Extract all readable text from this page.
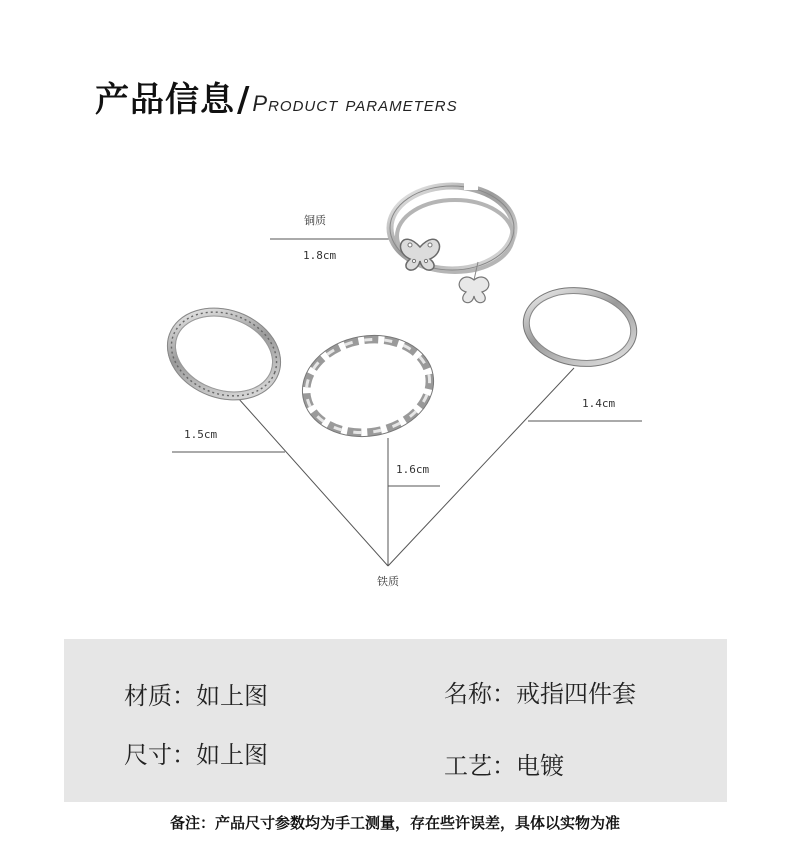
产品信息 / Product parameters
铜质
1.8cm
1.5cm
1.6cm
1.4cm
铁质
材质：如上图	名称：戒指四件套
尺寸：如上图	工艺：电镀
备注：产品尺寸参数均为手工测量，存在些许误差，具体以实物为准
